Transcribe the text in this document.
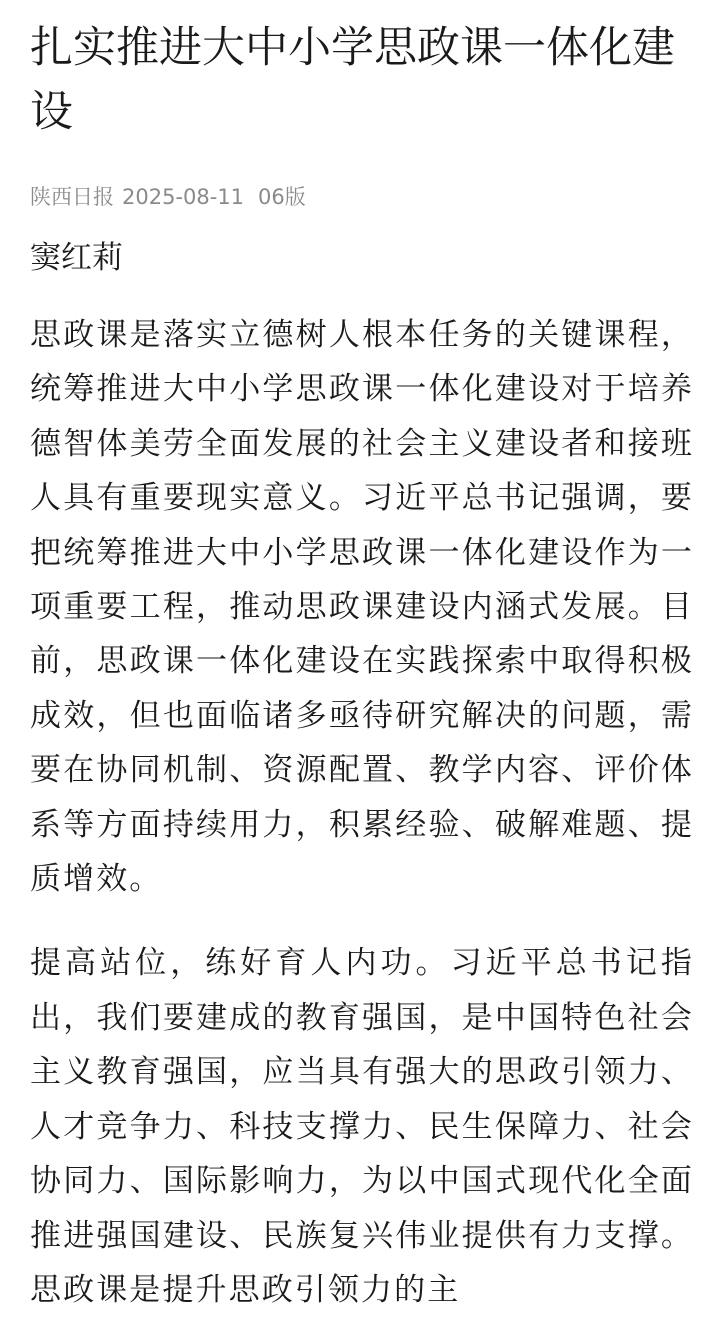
扎实推进大中小学思政课一体化建设
陕西日报 2025-08-11 06版
窦红莉

思政课是落实立德树人根本任务的关键课程，统筹推进大中小学思政课一体化建设对于培养德智体美劳全面发展的社会主义建设者和接班人具有重要现实意义。习近平总书记强调，要把统筹推进大中小学思政课一体化建设作为一项重要工程，推动思政课建设内涵式发展。目前，思政课一体化建设在实践探索中取得积极成效，但也面临诸多亟待研究解决的问题，需要在协同机制、资源配置、教学内容、评价体系等方面持续用力，积累经验、破解难题、提质增效。

提高站位，练好育人内功。习近平总书记指出，我们要建成的教育强国，是中国特色社会主义教育强国，应当具有强大的思政引领力、人才竞争力、科技支撑力、民生保障力、社会协同力、国际影响力，为以中国式现代化全面推进强国建设、民族复兴伟业提供有力支撑。思政课是提升思政引领力的主
